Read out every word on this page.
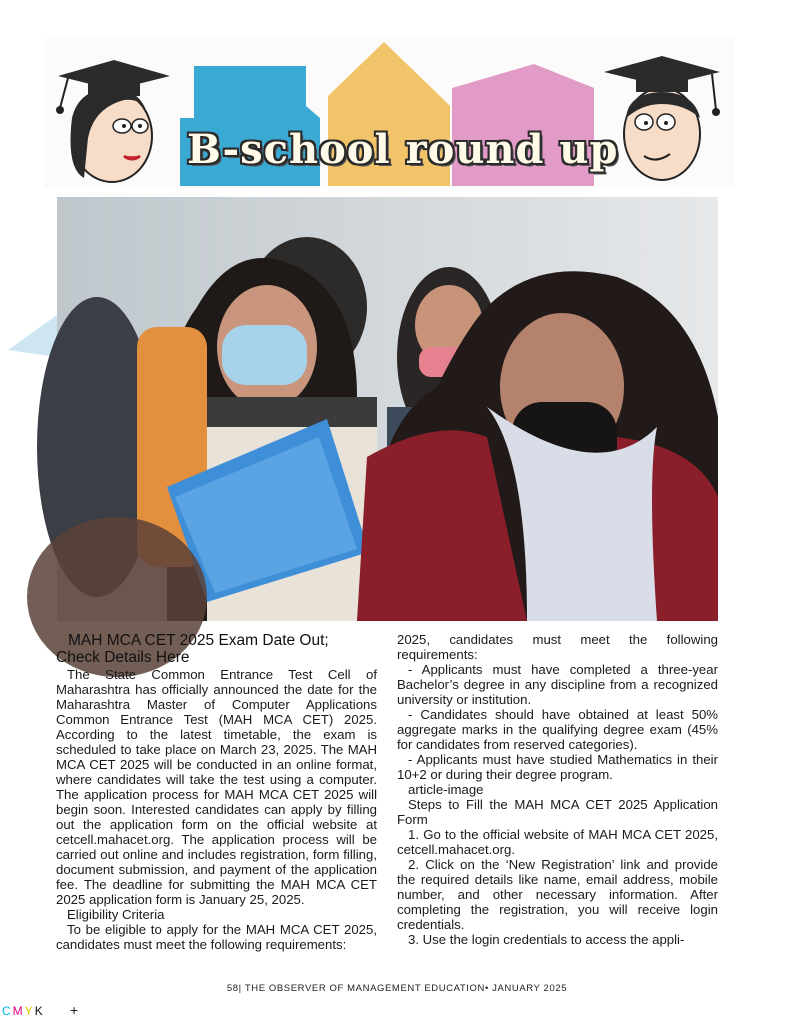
B-school round up
MAH MCA CET 2025 Exam Date Out;
Check Details Here

The State Common Entrance Test Cell of Maharashtra has officially announced the date for the Maharashtra Master of Computer Applications Common Entrance Test (MAH MCA CET) 2025. According to the latest timetable, the exam is scheduled to take place on March 23, 2025. The MAH MCA CET 2025 will be conducted in an online format, where candidates will take the test using a computer. The application process for MAH MCA CET 2025 will begin soon. Interested candidates can apply by filling out the application form on the official website at cetcell.mahacet.org. The application process will be carried out online and includes registration, form filling, document submission, and payment of the application fee. The deadline for submitting the MAH MCA CET 2025 application form is January 25, 2025.

Eligibility Criteria

To be eligible to apply for the MAH MCA CET 2025, candidates must meet the following requirements:

2025, candidates must meet the following requirements:

- Applicants must have completed a three-year Bachelor’s degree in any discipline from a recognized university or institution.

- Candidates should have obtained at least 50% aggregate marks in the qualifying degree exam (45% for candidates from reserved categories).

- Applicants must have studied Mathematics in their 10+2 or during their degree program.

article-image

Steps to Fill the MAH MCA CET 2025 Application Form

1. Go to the official website of MAH MCA CET 2025, cetcell.mahacet.org.

2. Click on the ‘New Registration’ link and provide the required details like name, email address, mobile number, and other necessary information. After completing the registration, you will receive login credentials.

3. Use the login credentials to access the appli-

58| THE OBSERVER OF MANAGEMENT EDUCATION• JANUARY 2025
CMYK +
